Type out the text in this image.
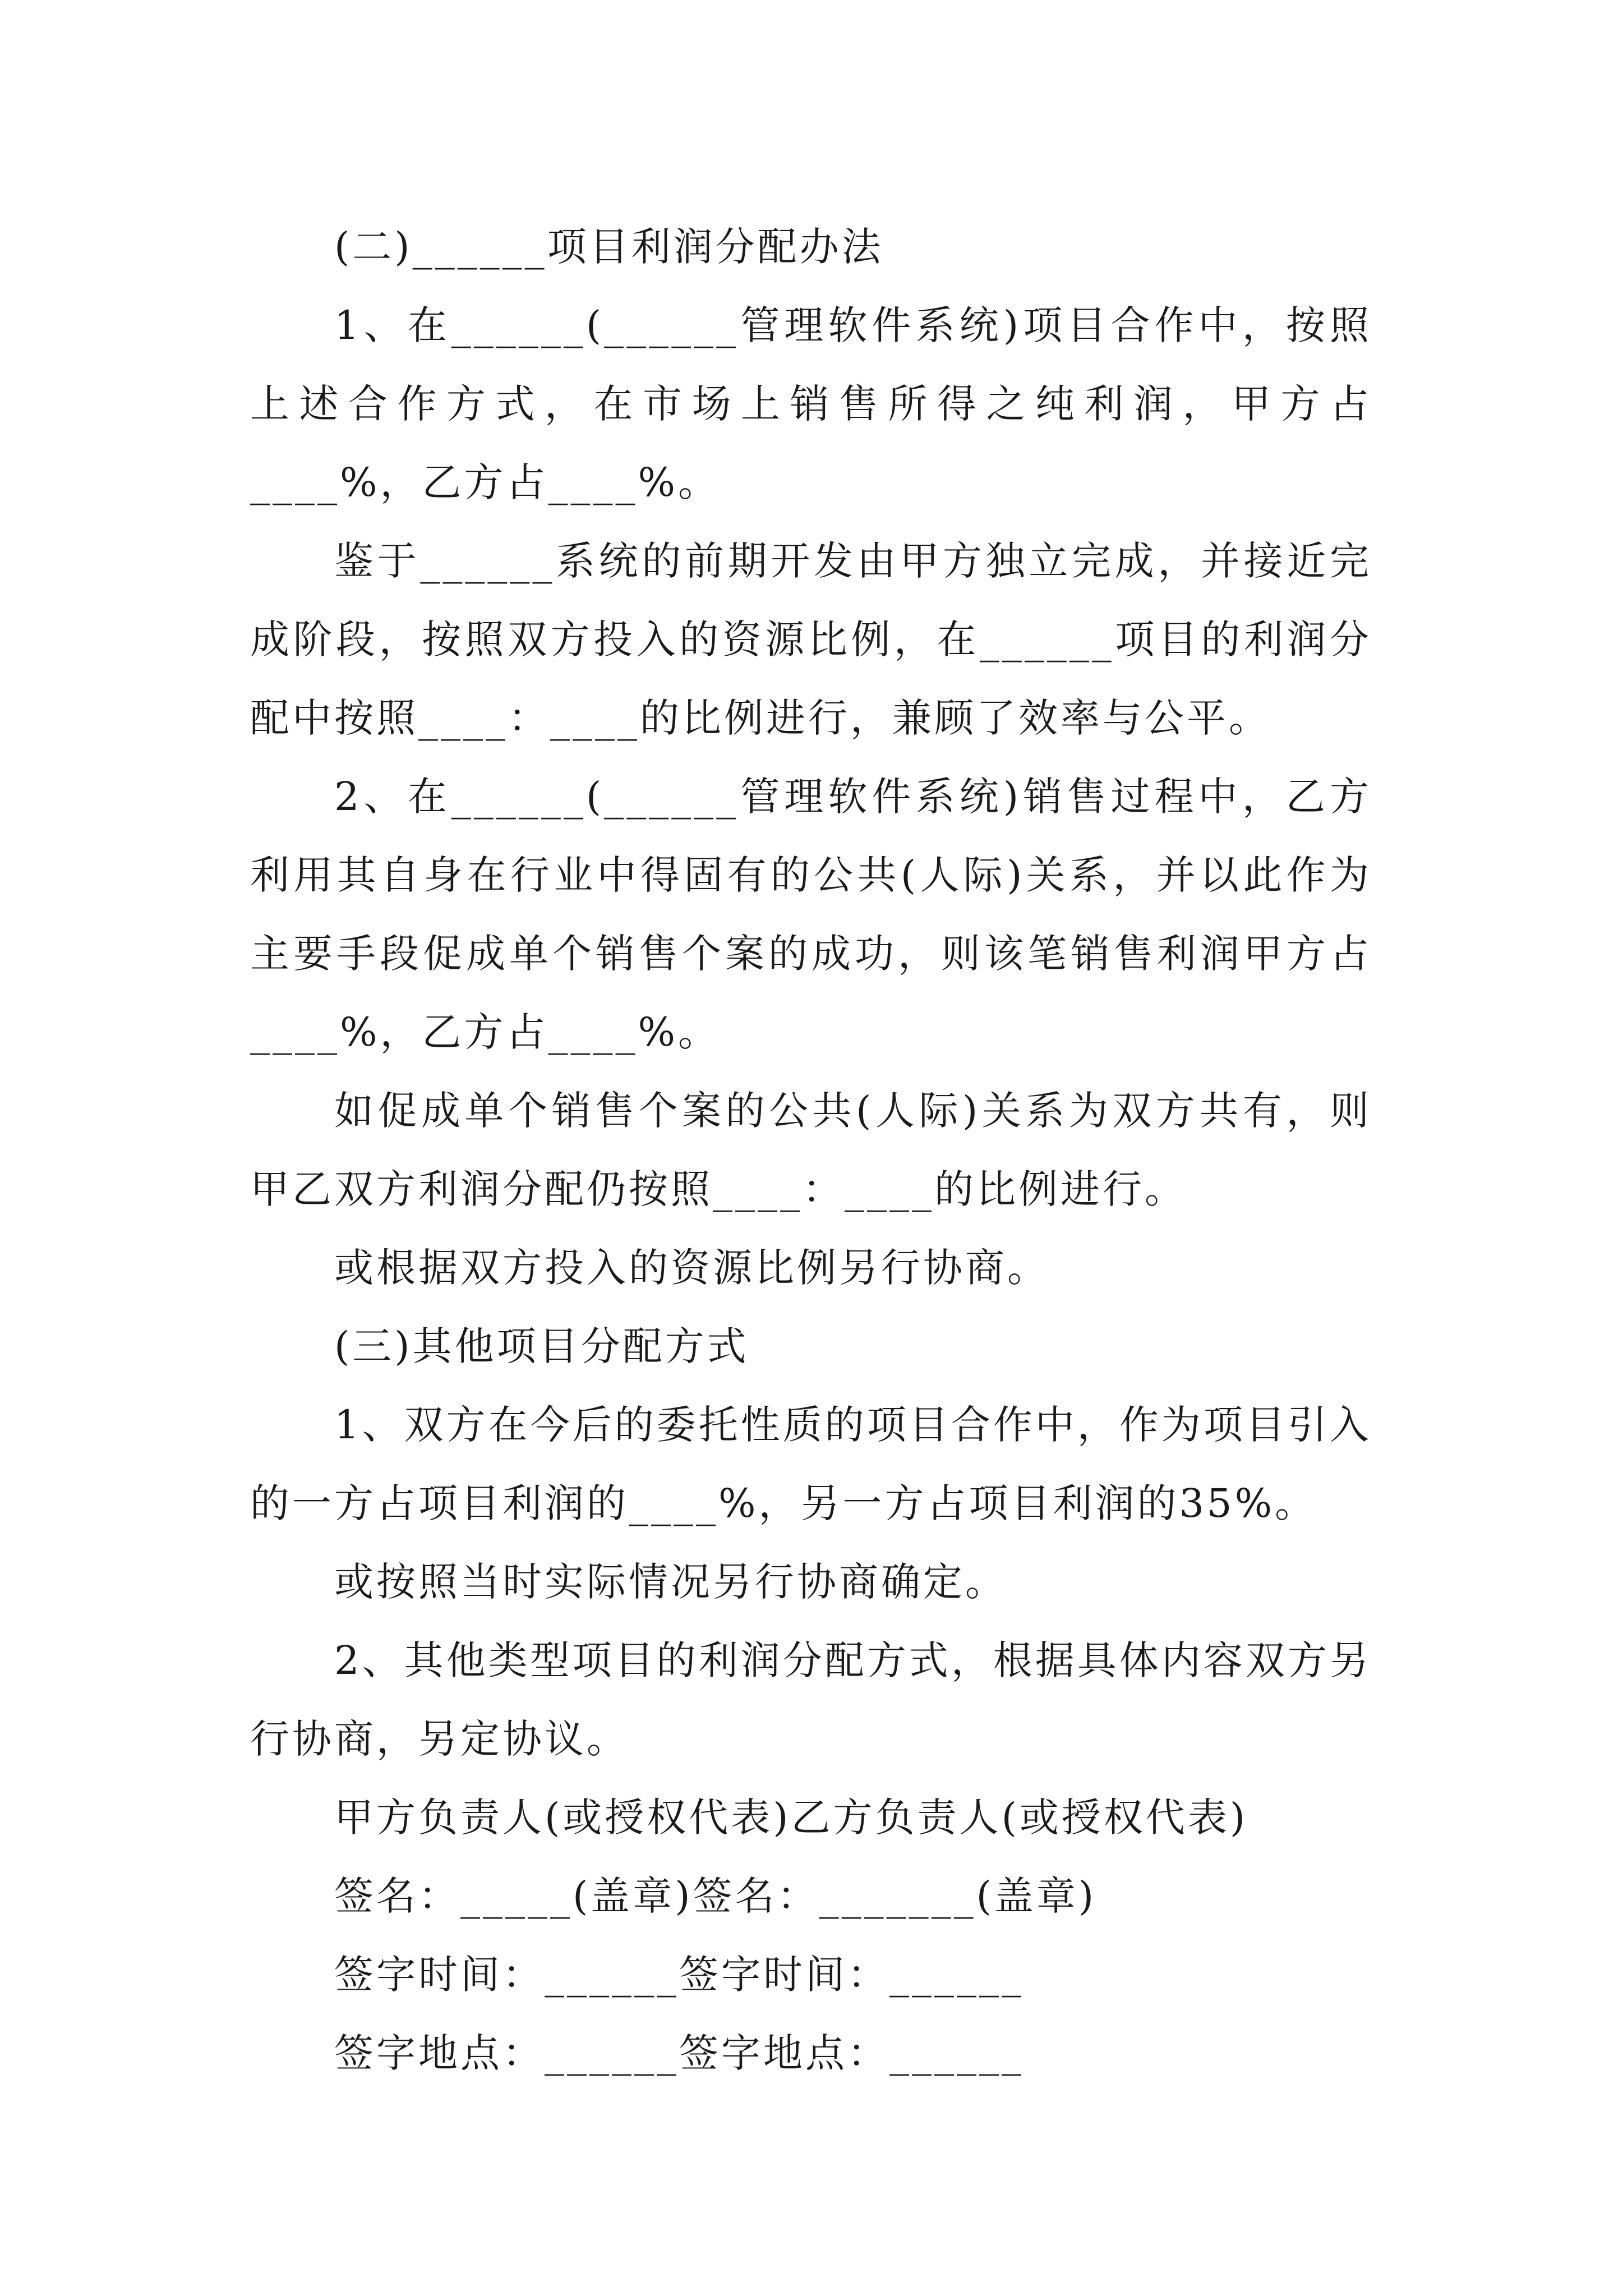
(二)______项目利润分配办法

1、在______(______管理软件系统)项目合作中，按照上述合作方式，在市场上销售所得之纯利润，甲方占____%，乙方占____%。

鉴于______系统的前期开发由甲方独立完成，并接近完成阶段，按照双方投入的资源比例，在______项目的利润分配中按照____：____的比例进行，兼顾了效率与公平。

2、在______(______管理软件系统)销售过程中，乙方利用其自身在行业中得固有的公共(人际)关系，并以此作为主要手段促成单个销售个案的成功，则该笔销售利润甲方占____%，乙方占____%。

如促成单个销售个案的公共(人际)关系为双方共有，则甲乙双方利润分配仍按照____：____的比例进行。

或根据双方投入的资源比例另行协商。

(三)其他项目分配方式

1、双方在今后的委托性质的项目合作中，作为项目引入的一方占项目利润的____%，另一方占项目利润的35%。

或按照当时实际情况另行协商确定。

2、其他类型项目的利润分配方式，根据具体内容双方另行协商，另定协议。

甲方负责人(或授权代表)乙方负责人(或授权代表)

签名：_____(盖章)签名：_______(盖章)

签字时间：______签字时间：______

签字地点：______签字地点：______
